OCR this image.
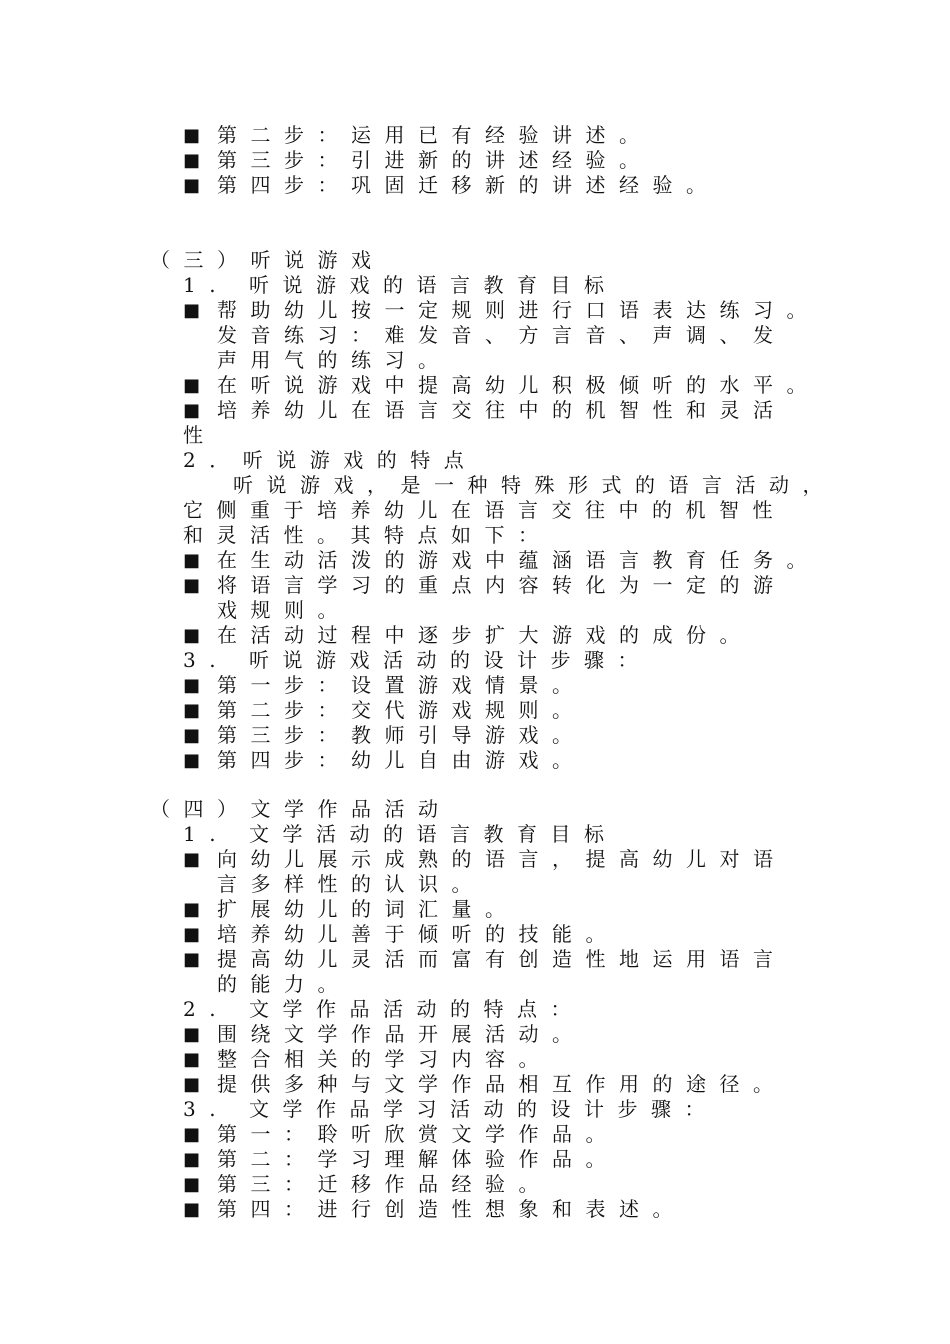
■ 第二步：运用已有经验讲述。
■ 第三步：引进新的讲述经验。
■ 第四步：巩固迁移新的讲述经验。
（三）听说游戏
1. 听说游戏的语言教育目标
■ 帮助幼儿按一定规则进行口语表达练习。
发音练习：难发音、方言音、声调、发
声用气的练习。
■ 在听说游戏中提高幼儿积极倾听的水平。
■ 培养幼儿在语言交往中的机智性和灵活
性
2．听说游戏的特点
听说游戏，是一种特殊形式的语言活动，
它侧重于培养幼儿在语言交往中的机智性
和灵活性。其特点如下：
■ 在生动活泼的游戏中蕴涵语言教育任务。
■ 将语言学习的重点内容转化为一定的游
戏规则。
■ 在活动过程中逐步扩大游戏的成份。
3. 听说游戏活动的设计步骤：
■ 第一步：设置游戏情景。
■ 第二步：交代游戏规则。
■ 第三步：教师引导游戏。
■ 第四步：幼儿自由游戏。
（四）文学作品活动
1. 文学活动的语言教育目标
■ 向幼儿展示成熟的语言，提高幼儿对语
言多样性的认识。
■ 扩展幼儿的词汇量。
■ 培养幼儿善于倾听的技能。
■ 提高幼儿灵活而富有创造性地运用语言
的能力。
2. 文学作品活动的特点：
■ 围绕文学作品开展活动。
■ 整合相关的学习内容。
■ 提供多种与文学作品相互作用的途径。
3. 文学作品学习活动的设计步骤：
■ 第一：聆听欣赏文学作品。
■ 第二：学习理解体验作品。
■ 第三：迁移作品经验。
■ 第四：进行创造性想象和表述。
